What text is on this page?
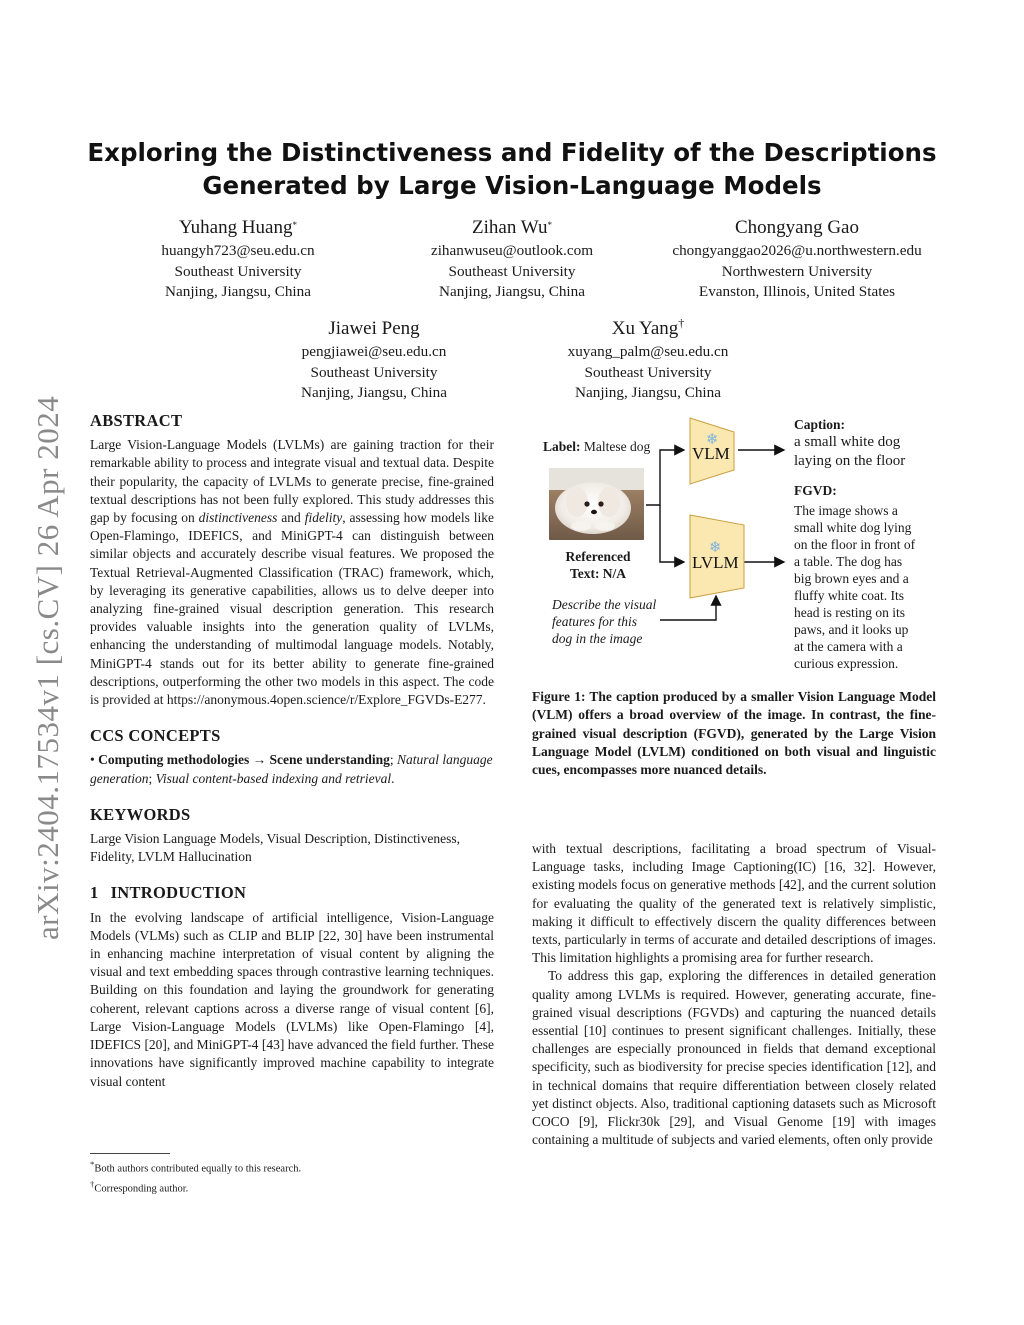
arXiv:2404.17534v1 [cs.CV] 26 Apr 2024
Exploring the Distinctiveness and Fidelity of the Descriptions
Generated by Large Vision-Language Models
Yuhang Huang*
huangyh723@seu.edu.cn
Southeast University
Nanjing, Jiangsu, China
Zihan Wu*
zihanwuseu@outlook.com
Southeast University
Nanjing, Jiangsu, China
Chongyang Gao
chongyanggao2026@u.northwestern.edu
Northwestern University
Evanston, Illinois, United States
Jiawei Peng
pengjiawei@seu.edu.cn
Southeast University
Nanjing, Jiangsu, China
Xu Yang†
xuyang_palm@seu.edu.cn
Southeast University
Nanjing, Jiangsu, China
ABSTRACT

Large Vision-Language Models (LVLMs) are gaining traction for their remarkable ability to process and integrate visual and textual data. Despite their popularity, the capacity of LVLMs to generate precise, fine-grained textual descriptions has not been fully explored. This study addresses this gap by focusing on distinctiveness and fidelity, assessing how models like Open-Flamingo, IDEFICS, and MiniGPT-4 can distinguish between similar objects and accurately describe visual features. We proposed the Textual Retrieval-Augmented Classification (TRAC) framework, which, by leveraging its generative capabilities, allows us to delve deeper into analyzing fine-grained visual description generation. This research provides valuable insights into the generation quality of LVLMs, enhancing the understanding of multimodal language models. Notably, MiniGPT-4 stands out for its better ability to generate fine-grained descriptions, outperforming the other two models in this aspect. The code is provided at https://anonymous.4open.science/r/Explore_FGVDs-E277.

CCS CONCEPTS

• Computing methodologies → Scene understanding; Natural language generation; Visual content-based indexing and retrieval.

KEYWORDS

Large Vision Language Models, Visual Description, Distinctiveness, Fidelity, LVLM Hallucination

1 INTRODUCTION

In the evolving landscape of artificial intelligence, Vision-Language Models (VLMs) such as CLIP and BLIP [22, 30] have been instrumental in enhancing machine interpretation of visual content by aligning the visual and text embedding spaces through contrastive learning techniques. Building on this foundation and laying the groundwork for generating coherent, relevant captions across a diverse range of visual content [6], Large Vision-Language Models (LVLMs) like Open-Flamingo [4], IDEFICS [20], and MiniGPT-4 [43] have advanced the field further. These innovations have significantly improved machine capability to integrate visual content

*Both authors contributed equally to this research.
†Corresponding author.
Label: Maltese dog
Referenced
Text: N/A
Describe the visual
features for this
dog in the image
❄
VLM
❄
LVLM
Caption:
a small white dog
laying on the floor
FGVD:
The image shows a
small white dog lying
on the floor in front of
a table. The dog has
big brown eyes and a
fluffy white coat. Its
head is resting on its
paws, and it looks up
at the camera with a
curious expression.
Figure 1: The caption produced by a smaller Vision Language Model (VLM) offers a broad overview of the image. In contrast, the fine-grained visual description (FGVD), generated by the Large Vision Language Model (LVLM) conditioned on both visual and linguistic cues, encompasses more nuanced details.

with textual descriptions, facilitating a broad spectrum of Visual-Language tasks, including Image Captioning(IC) [16, 32]. However, existing models focus on generative methods [42], and the current solution for evaluating the quality of the generated text is relatively simplistic, making it difficult to effectively discern the quality differences between texts, particularly in terms of accurate and detailed descriptions of images. This limitation highlights a promising area for further research.

To address this gap, exploring the differences in detailed generation quality among LVLMs is required. However, generating accurate, fine-grained visual descriptions (FGVDs) and capturing the nuanced details essential [10] continues to present significant challenges. Initially, these challenges are especially pronounced in fields that demand exceptional specificity, such as biodiversity for precise species identification [12], and in technical domains that require differentiation between closely related yet distinct objects. Also, traditional captioning datasets such as Microsoft COCO [9], Flickr30k [29], and Visual Genome [19] with images containing a multitude of subjects and varied elements, often only provide
